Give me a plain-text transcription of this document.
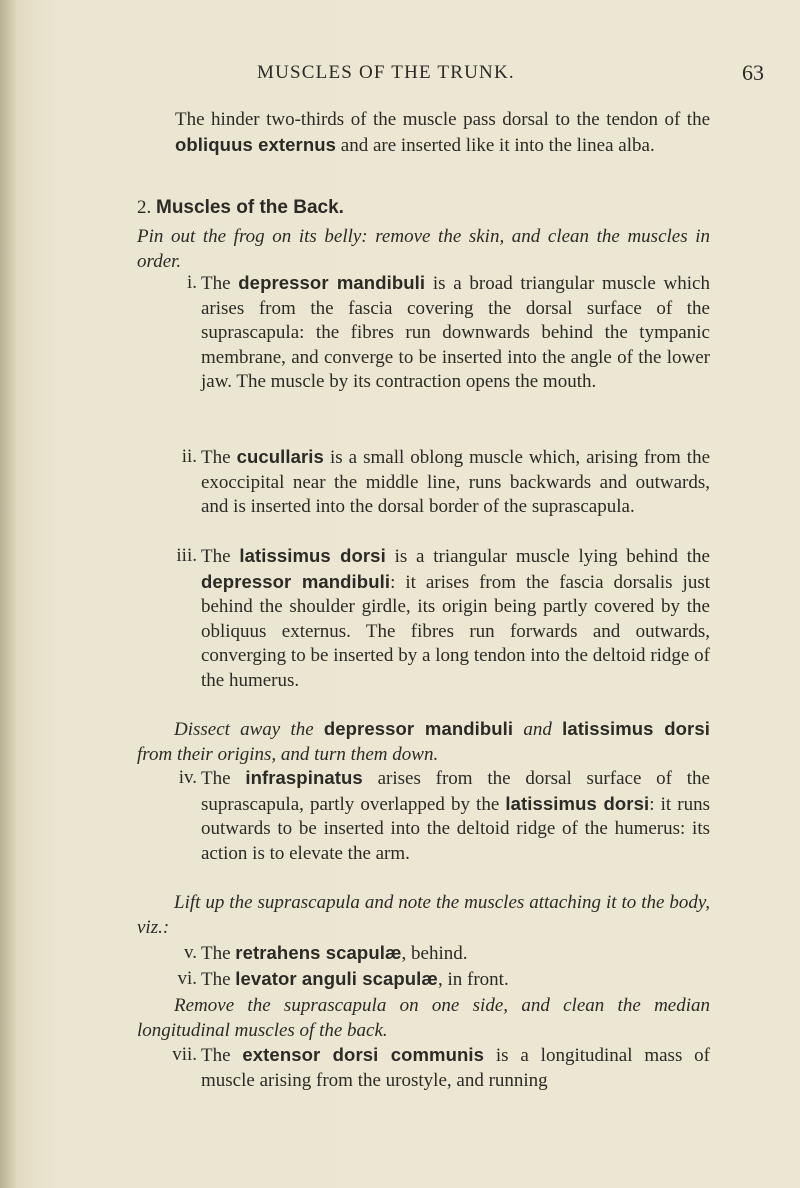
MUSCLES OF THE TRUNK.	63
The hinder two-thirds of the muscle pass dorsal to the tendon of the obliquus externus and are inserted like it into the linea alba.
2. Muscles of the Back.
Pin out the frog on its belly: remove the skin, and clean the muscles in order.
i. The depressor mandibuli is a broad triangular muscle which arises from the fascia covering the dorsal surface of the suprascapula: the fibres run downwards behind the tympanic membrane, and converge to be inserted into the angle of the lower jaw. The muscle by its contraction opens the mouth.
ii. The cucullaris is a small oblong muscle which, arising from the exoccipital near the middle line, runs backwards and outwards, and is inserted into the dorsal border of the suprascapula.
iii. The latissimus dorsi is a triangular muscle lying behind the depressor mandibuli: it arises from the fascia dorsalis just behind the shoulder girdle, its origin being partly covered by the obliquus externus. The fibres run forwards and outwards, converging to be inserted by a long tendon into the deltoid ridge of the humerus.
Dissect away the depressor mandibuli and latissimus dorsi from their origins, and turn them down.
iv. The infraspinatus arises from the dorsal surface of the suprascapula, partly overlapped by the latissimus dorsi: it runs outwards to be inserted into the deltoid ridge of the humerus: its action is to elevate the arm.
Lift up the suprascapula and note the muscles attaching it to the body, viz.:
v. The retrahens scapulæ, behind.
vi. The levator anguli scapulæ, in front.
Remove the suprascapula on one side, and clean the median longitudinal muscles of the back.
vii. The extensor dorsi communis is a longitudinal mass of muscle arising from the urostyle, and running
